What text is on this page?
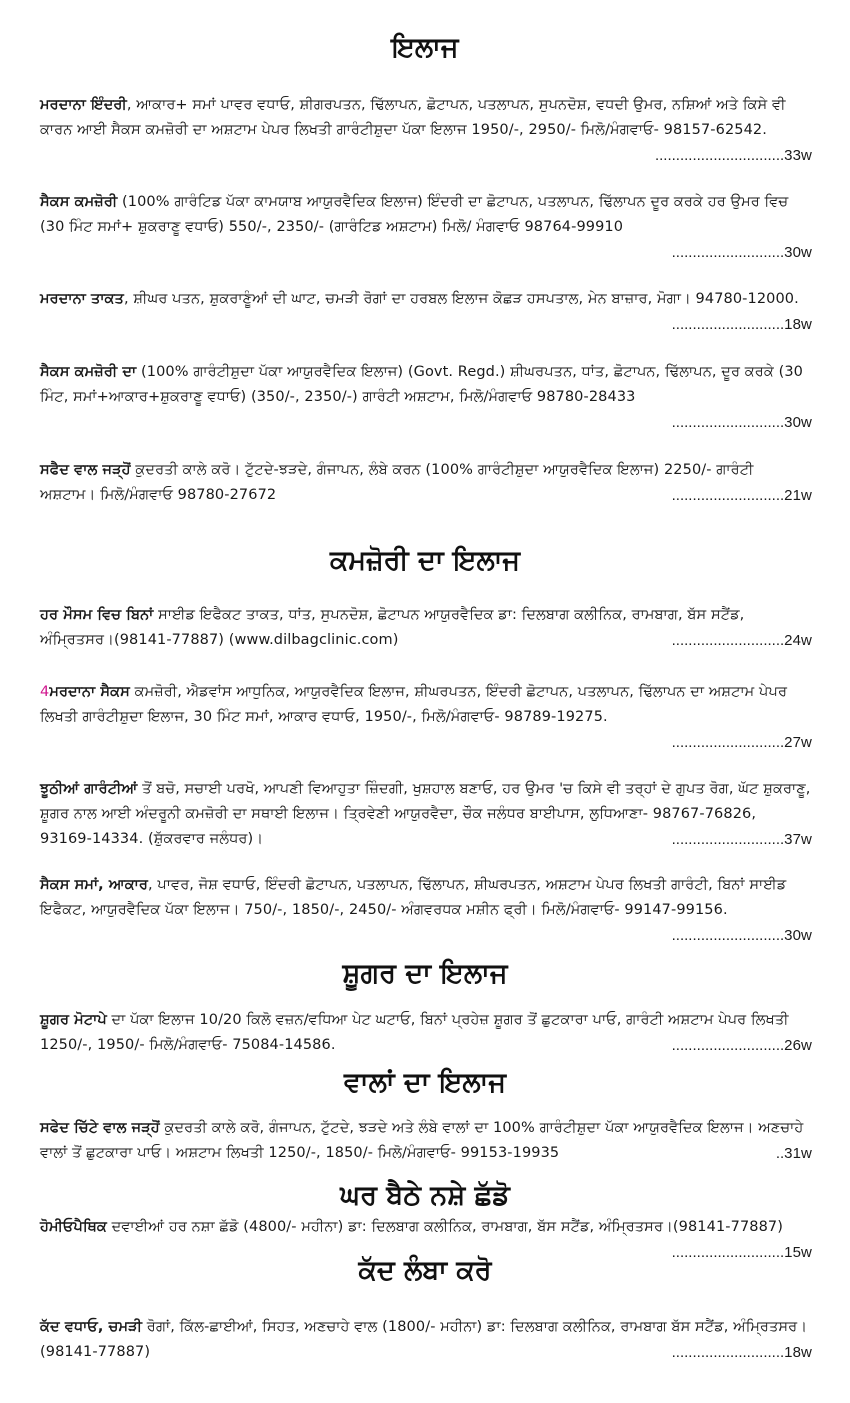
ਇਲਾਜ
ਮਰਦਾਨਾ ਇੰਦਰੀ, ਆਕਾਰ+ ਸਮਾਂ ਪਾਵਰ ਵਧਾਓ, ਸ਼ੀਗਰਪਤਨ, ਢਿੱਲਾਪਨ, ਛੋਟਾਪਨ, ਪਤਲਾਪਨ, ਸੁਪਨਦੋਸ਼, ਵਧਦੀ ਉਮਰ, ਨਸ਼ਿਆਂ ਅਤੇ ਕਿਸੇ ਵੀ ਕਾਰਨ ਆਈ ਸੈਕਸ ਕਮਜ਼ੋਰੀ ਦਾ ਅਸ਼ਟਾਮ ਪੇਪਰ ਲਿਖਤੀ ਗਾਰੰਟੀਸ਼ੁਦਾ ਪੱਕਾ ਇਲਾਜ 1950/-, 2950/- ਮਿਲੋ/ਮੰਗਵਾਓ- 98157-62542.
...............................33w
ਸੈਕਸ ਕਮਜ਼ੋਰੀ (100% ਗਾਰੰਟਿਡ ਪੱਕਾ ਕਾਮਯਾਬ ਆਯੁਰਵੈਦਿਕ ਇਲਾਜ) ਇੰਦਰੀ ਦਾ ਛੋਟਾਪਨ, ਪਤਲਾਪਨ, ਢਿੱਲਾਪਨ ਦੂਰ ਕਰਕੇ ਹਰ ਉਮਰ ਵਿਚ (30 ਮਿੰਟ ਸਮਾਂ+ ਸ਼ੁਕਰਾਣੂ ਵਧਾਓ) 550/-, 2350/- (ਗਾਰੰਟਿਡ ਅਸ਼ਟਾਮ) ਮਿਲੋ/ ਮੰਗਵਾਓ 98764-99910
...........................30w
ਮਰਦਾਨਾ ਤਾਕਤ, ਸ਼ੀਘਰ ਪਤਨ, ਸ਼ੁਕਰਾਣੂੰਆਂ ਦੀ ਘਾਟ, ਚਮੜੀ ਰੋਗਾਂ ਦਾ ਹਰਬਲ ਇਲਾਜ ਕੋਛੜ ਹਸਪਤਾਲ, ਮੇਨ ਬਾਜ਼ਾਰ, ਮੋਗਾ। 94780-12000.
...........................18w
ਸੈਕਸ ਕਮਜ਼ੋਰੀ ਦਾ (100% ਗਾਰੰਟੀਸ਼ੁਦਾ ਪੱਕਾ ਆਯੁਰਵੈਦਿਕ ਇਲਾਜ) (Govt. Regd.) ਸ਼ੀਘਰਪਤਨ, ਧਾਂਤ, ਛੋਟਾਪਨ, ਢਿੱਲਾਪਨ, ਦੂਰ ਕਰਕੇ (30 ਮਿੰਟ, ਸਮਾਂ+ਆਕਾਰ+ਸ਼ੁਕਰਾਣੂ ਵਧਾਓ) (350/-, 2350/-) ਗਾਰੰਟੀ ਅਸ਼ਟਾਮ, ਮਿਲੋ/ਮੰਗਵਾਓ 98780-28433
...........................30w
ਸਫੈਦ ਵਾਲ ਜੜ੍ਹੋਂ ਕੁਦਰਤੀ ਕਾਲੇ ਕਰੋ। ਟੁੱਟਦੇ-ਝੜਦੇ, ਗੰਜਾਪਨ, ਲੰਬੇ ਕਰਨ (100% ਗਾਰੰਟੀਸ਼ੁਦਾ ਆਯੁਰਵੈਦਿਕ ਇਲਾਜ) 2250/- ਗਾਰੰਟੀ ਅਸ਼ਟਾਮ। ਮਿਲੋ/ਮੰਗਵਾਓ 98780-27672	...........................21w
ਕਮਜ਼ੋਰੀ ਦਾ ਇਲਾਜ
ਹਰ ਮੌਸਮ ਵਿਚ ਬਿਨਾਂ ਸਾਈਡ ਇਫੈਕਟ ਤਾਕਤ, ਧਾਂਤ, ਸੁਪਨਦੋਸ਼, ਛੋਟਾਪਨ ਆਯੁਰਵੈਦਿਕ ਡਾ: ਦਿਲਬਾਗ ਕਲੀਨਿਕ, ਰਾਮਬਾਗ, ਬੱਸ ਸਟੈਂਡ, ਅੰਮ੍ਰਿਤਸਰ।(98141-77887) (www.dilbagclinic.com)	...........................24w
4ਮਰਦਾਨਾ ਸੈਕਸ ਕਮਜ਼ੋਰੀ, ਐਡਵਾਂਸ ਆਧੁਨਿਕ, ਆਯੁਰਵੈਦਿਕ ਇਲਾਜ, ਸ਼ੀਘਰਪਤਨ, ਇੰਦਰੀ ਛੋਟਾਪਨ, ਪਤਲਾਪਨ, ਢਿੱਲਾਪਨ ਦਾ ਅਸ਼ਟਾਮ ਪੇਪਰ ਲਿਖਤੀ ਗਾਰੰਟੀਸ਼ੁਦਾ ਇਲਾਜ, 30 ਮਿੰਟ ਸਮਾਂ, ਆਕਾਰ ਵਧਾਓ, 1950/-, ਮਿਲੋ/ਮੰਗਵਾਓ- 98789-19275.
...........................27w
ਝੂਠੀਆਂ ਗਾਰੰਟੀਆਂ ਤੋਂ ਬਚੋ, ਸਚਾਈ ਪਰਖੋ, ਆਪਣੀ ਵਿਆਹੁਤਾ ਜ਼ਿੰਦਗੀ, ਖੁਸ਼ਹਾਲ ਬਣਾਓ, ਹਰ ਉਮਰ 'ਚ ਕਿਸੇ ਵੀ ਤਰ੍ਹਾਂ ਦੇ ਗੁਪਤ ਰੋਗ, ਘੱਟ ਸ਼ੁਕਰਾਣੂ, ਸ਼ੂਗਰ ਨਾਲ ਆਈ ਅੰਦਰੂਨੀ ਕਮਜ਼ੋਰੀ ਦਾ ਸਥਾਈ ਇਲਾਜ। ਤ੍ਰਿਵੇਣੀ ਆਯੁਰਵੈਦਾ, ਚੌਕ ਜਲੰਧਰ ਬਾਈਪਾਸ, ਲੁਧਿਆਣਾ- 98767-76826, 93169-14334. (ਸ਼ੁੱਕਰਵਾਰ ਜਲੰਧਰ)।	...........................37w
ਸੈਕਸ ਸਮਾਂ, ਆਕਾਰ, ਪਾਵਰ, ਜੋਸ਼ ਵਧਾਓ, ਇੰਦਰੀ ਛੋਟਾਪਨ, ਪਤਲਾਪਨ, ਢਿੱਲਾਪਨ, ਸ਼ੀਘਰਪਤਨ, ਅਸ਼ਟਾਮ ਪੇਪਰ ਲਿਖਤੀ ਗਾਰੰਟੀ, ਬਿਨਾਂ ਸਾਈਡ ਇਫੈਕਟ, ਆਯੁਰਵੈਦਿਕ ਪੱਕਾ ਇਲਾਜ। 750/-, 1850/-, 2450/- ਅੰਗਵਰਧਕ ਮਸ਼ੀਨ ਫ੍ਰੀ। ਮਿਲੋ/ਮੰਗਵਾਓ- 99147-99156.
...........................30w
ਸ਼ੂਗਰ ਦਾ ਇਲਾਜ
ਸ਼ੂਗਰ ਮੋਟਾਪੇ ਦਾ ਪੱਕਾ ਇਲਾਜ 10/20 ਕਿਲੋ ਵਜ਼ਨ/ਵਧਿਆ ਪੇਟ ਘਟਾਓ, ਬਿਨਾਂ ਪ੍ਰਹੇਜ਼ ਸ਼ੂਗਰ ਤੋਂ ਛੁਟਕਾਰਾ ਪਾਓ, ਗਾਰੰਟੀ ਅਸ਼ਟਾਮ ਪੇਪਰ ਲਿਖਤੀ 1250/-, 1950/- ਮਿਲੋ/ਮੰਗਵਾਓ- 75084-14586.	...........................26w
ਵਾਲਾਂ ਦਾ ਇਲਾਜ
ਸਫੇਦ ਚਿੱਟੇ ਵਾਲ ਜੜ੍ਹੋਂ ਕੁਦਰਤੀ ਕਾਲੇ ਕਰੋ, ਗੰਜਾਪਨ, ਟੁੱਟਦੇ, ਝੜਦੇ ਅਤੇ ਲੰਬੇ ਵਾਲਾਂ ਦਾ 100% ਗਾਰੰਟੀਸ਼ੁਦਾ ਪੱਕਾ ਆਯੁਰਵੈਦਿਕ ਇਲਾਜ। ਅਣਚਾਹੇ ਵਾਲਾਂ ਤੋਂ ਛੁਟਕਾਰਾ ਪਾਓ। ਅਸ਼ਟਾਮ ਲਿਖਤੀ 1250/-, 1850/- ਮਿਲੋ/ਮੰਗਵਾਓ- 99153-19935	..31w
ਘਰ ਬੈਠੇ ਨਸ਼ੇ ਛੱਡੋ
ਹੋਮੀਓਪੈਥਿਕ ਦਵਾਈਆਂ ਹਰ ਨਸ਼ਾ ਛੱਡੋ (4800/- ਮਹੀਨਾ) ਡਾ: ਦਿਲਬਾਗ ਕਲੀਨਿਕ, ਰਾਮਬਾਗ, ਬੱਸ ਸਟੈਂਡ, ਅੰਮ੍ਰਿਤਸਰ।(98141-77887)
...........................15w
ਕੱਦ ਲੰਬਾ ਕਰੋ
ਕੱਦ ਵਧਾਓ, ਚਮੜੀ ਰੋਗਾਂ, ਕਿੱਲ-ਛਾਈਆਂ, ਸਿਹਤ, ਅਣਚਾਹੇ ਵਾਲ (1800/- ਮਹੀਨਾ) ਡਾ: ਦਿਲਬਾਗ ਕਲੀਨਿਕ, ਰਾਮਬਾਗ ਬੱਸ ਸਟੈਂਡ, ਅੰਮ੍ਰਿਤਸਰ।(98141-77887)	...........................18w
